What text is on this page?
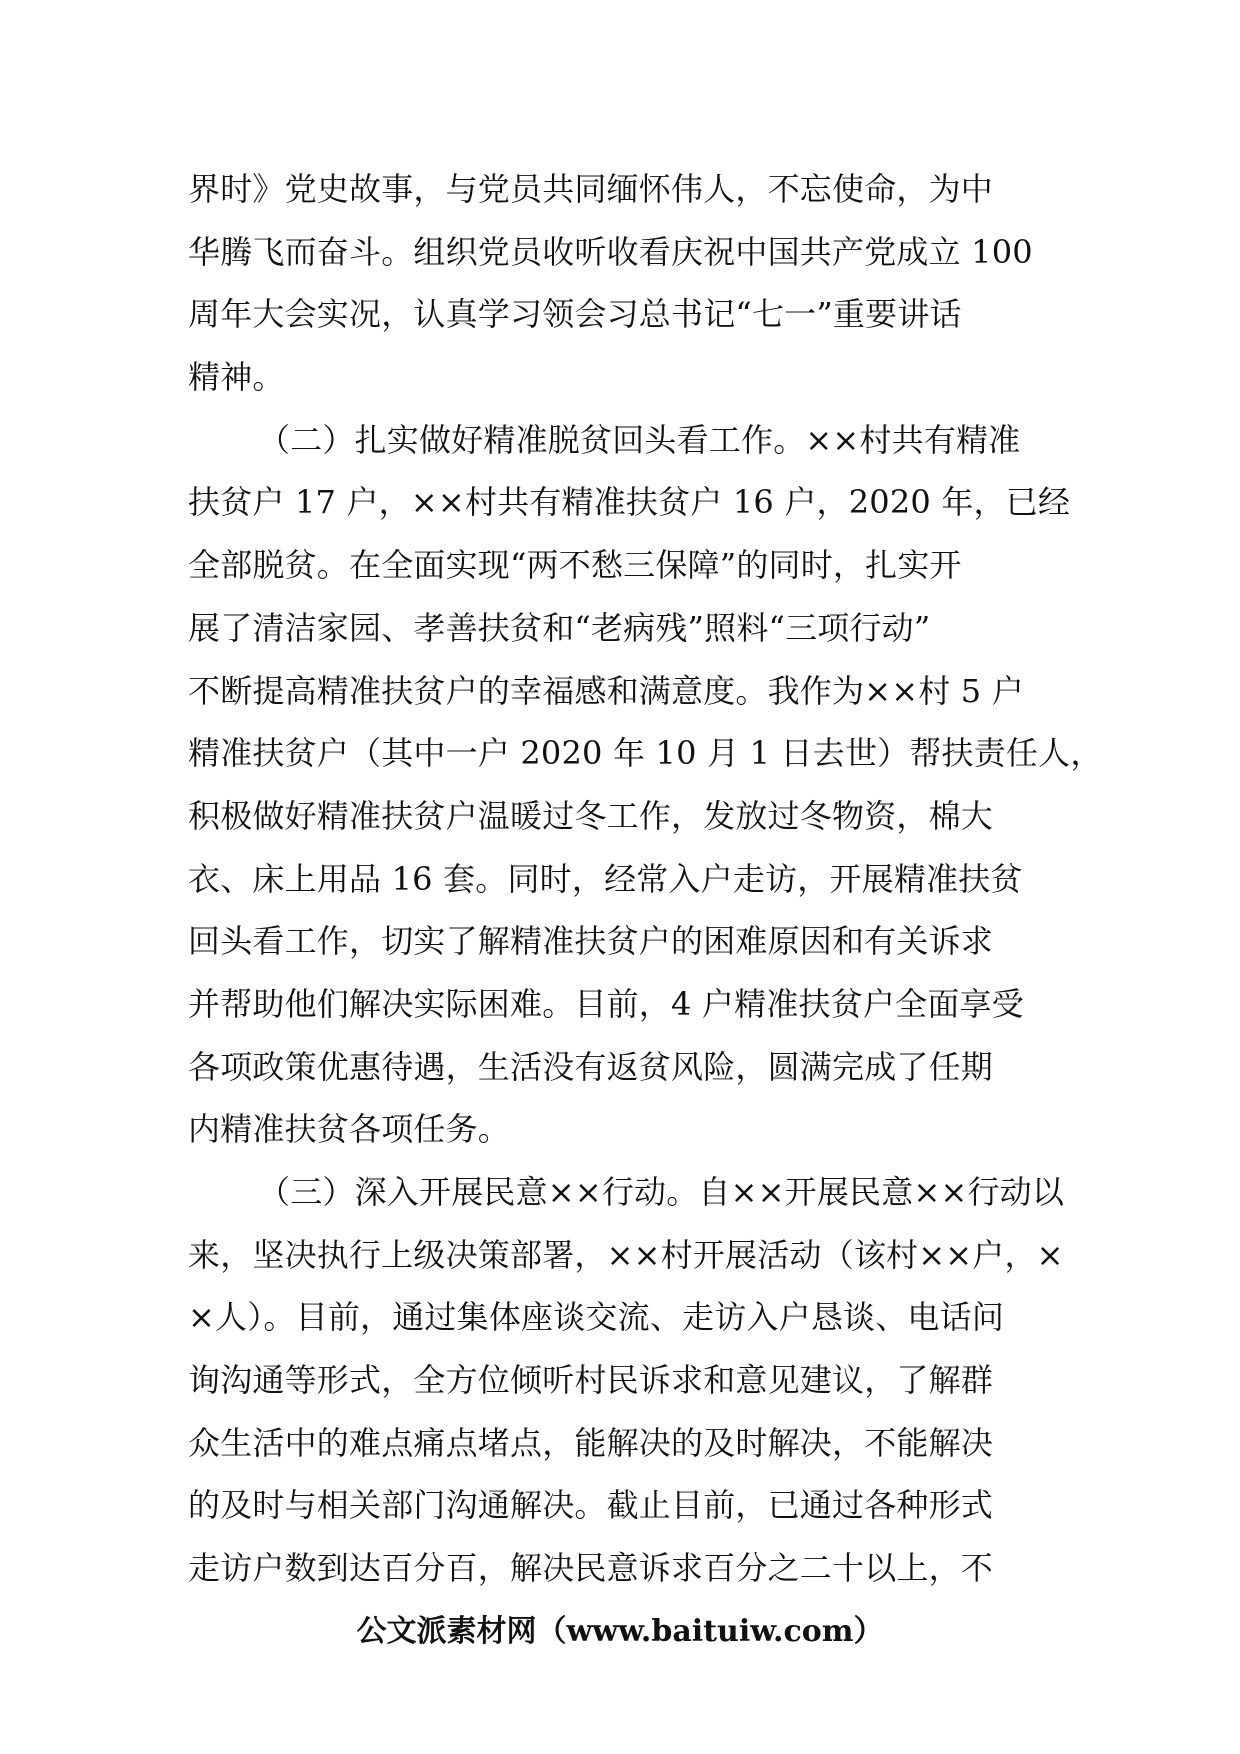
界时》党史故事，与党员共同缅怀伟人，不忘使命，为中
华腾飞而奋斗。组织党员收听收看庆祝中国共产党成立 100
周年大会实况，认真学习领会习总书记“七一”重要讲话
精神。
（二）扎实做好精准脱贫回头看工作。××村共有精准
扶贫户 17 户，××村共有精准扶贫户 16 户，2020 年，已经
全部脱贫。在全面实现“两不愁三保障”的同时，扎实开
展了清洁家园、孝善扶贫和“老病残”照料“三项行动”
不断提高精准扶贫户的幸福感和满意度。我作为××村 5 户
精准扶贫户（其中一户 2020 年 10 月 1 日去世）帮扶责任人，
积极做好精准扶贫户温暖过冬工作，发放过冬物资，棉大
衣、床上用品 16 套。同时，经常入户走访，开展精准扶贫
回头看工作，切实了解精准扶贫户的困难原因和有关诉求
并帮助他们解决实际困难。目前，4 户精准扶贫户全面享受
各项政策优惠待遇，生活没有返贫风险，圆满完成了任期
内精准扶贫各项任务。
（三）深入开展民意××行动。自××开展民意××行动以
来，坚决执行上级决策部署，××村开展活动（该村××户，×
×人）。目前，通过集体座谈交流、走访入户恳谈、电话问
询沟通等形式，全方位倾听村民诉求和意见建议，了解群
众生活中的难点痛点堵点，能解决的及时解决，不能解决
的及时与相关部门沟通解决。截止目前，已通过各种形式
走访户数到达百分百，解决民意诉求百分之二十以上，不
公文派素材网（www.baituiw.com）
